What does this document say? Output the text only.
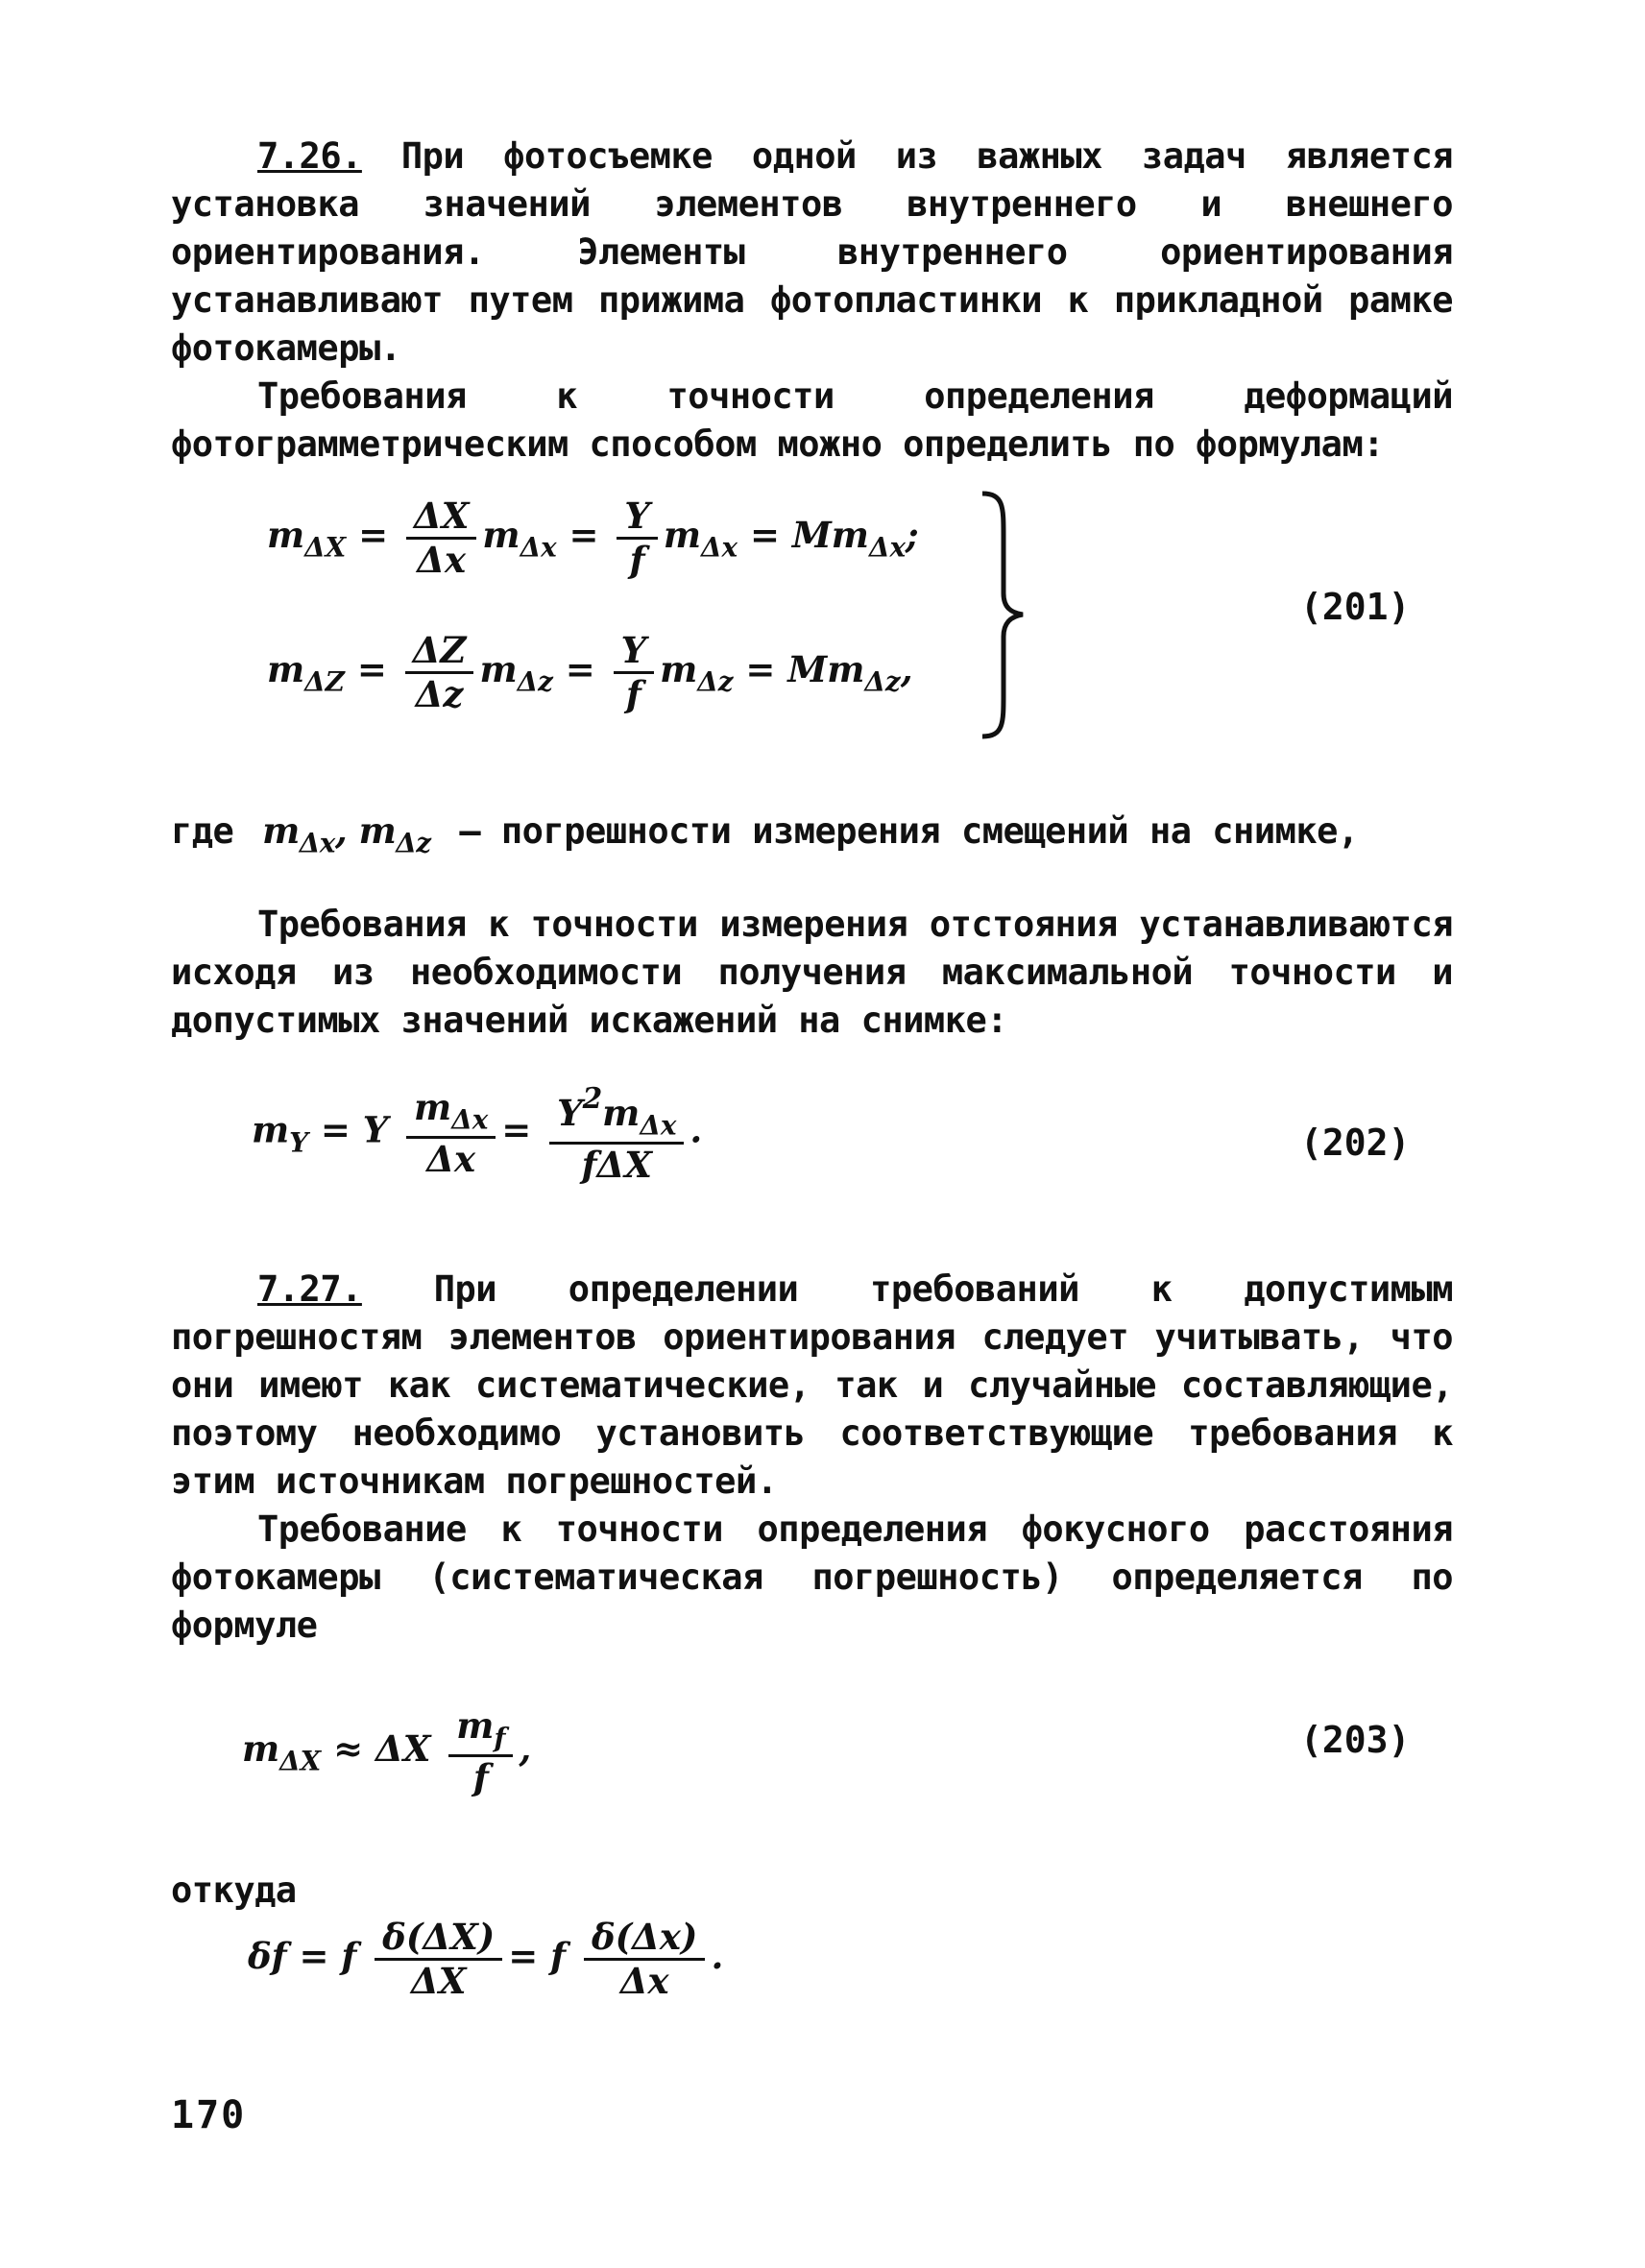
7.26. При фотосъемке одной из важных задач является установка значений элементов внутреннего и внешнего ориентирования. Элементы внутреннего ориентирования устанавливают путем прижима фотопластинки к прикладной рамке фотокамеры.

Требования к точности определения деформаций фотограмметрическим способом можно определить по формулам:

$m_{\Delta X} = \frac{\Delta X}{\Delta x} m_{\Delta x} = \frac{Y}{f} m_{\Delta x} = Mm_{\Delta x}$;
$m_{\Delta Z} = \frac{\Delta Z}{\Delta z} m_{\Delta z} = \frac{Y}{f} m_{\Delta z} = Mm_{\Delta z}$,
(201)
где $m_{\Delta x}$, $m_{\Delta z}$ – погрешности измерения смещений на снимке,

Требования к точности измерения отстояния устанавливаются исходя из необходимости получения максимальной точности и допустимых значений искажений на снимке:

$m_Y = Y \frac{m_{\Delta x}}{\Delta x} = \frac{Y^2m_{\Delta x}}{\text{fΔX}}$ .	(202)

7.27. При определении требований к допустимым погрешностям элементов ориентирования следует учитывать, что они имеют как систематические, так и случайные составляющие, поэтому необходимо установить соответствующие требования к этим источникам погрешностей.

Требование к точности определения фокусного расстояния фотокамеры (систематическая погрешность) определяется по формуле

$m_{\Delta X} \approx \Delta X \frac{m_f}{f}$ ,	(203)
откуда
δf = f $\frac{\delta(\Delta X)}{\Delta X} = f \frac{\delta(\Delta x)}{\Delta x}$ .
170
